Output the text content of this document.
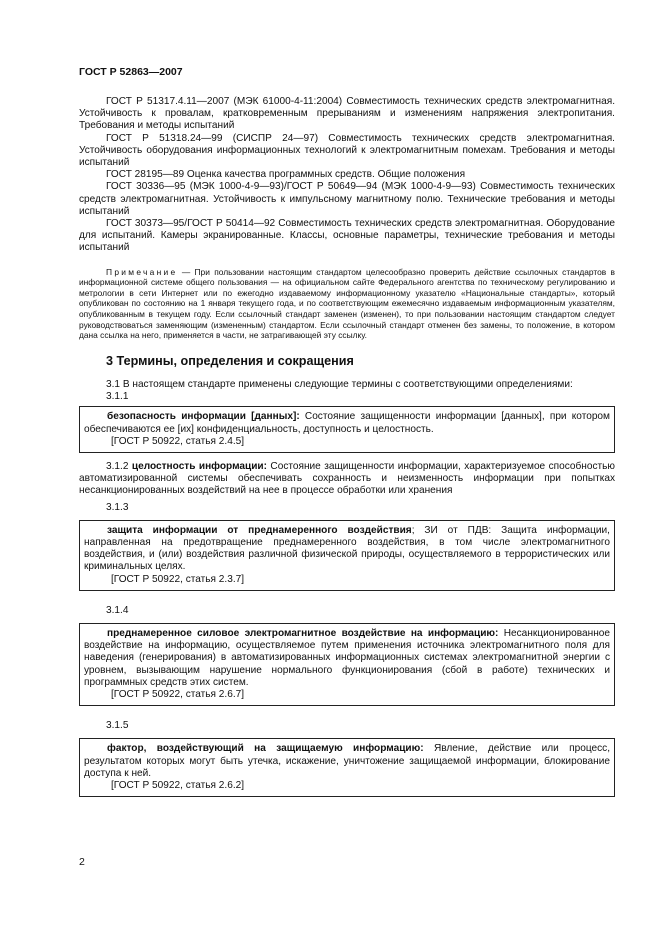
ГОСТ Р 52863—2007

ГОСТ Р 51317.4.11—2007 (МЭК 61000-4-11:2004) Совместимость технических средств электромагнитная. Устойчивость к провалам, кратковременным прерываниям и изменениям напряжения электропитания. Требования и методы испытаний

ГОСТ Р 51318.24—99 (СИСПР 24—97) Совместимость технических средств электромагнитная. Устойчивость оборудования информационных технологий к электромагнитным помехам. Требования и методы испытаний

ГОСТ 28195—89 Оценка качества программных средств. Общие положения

ГОСТ 30336—95 (МЭК 1000-4-9—93)/ГОСТ Р 50649—94 (МЭК 1000-4-9—93) Совместимость технических средств электромагнитная. Устойчивость к импульсному магнитному полю. Технические требования и методы испытаний

ГОСТ 30373—95/ГОСТ Р 50414—92 Совместимость технических средств электромагнитная. Оборудование для испытаний. Камеры экранированные. Классы, основные параметры, технические требования и методы испытаний

Примечание — При пользовании настоящим стандартом целесообразно проверить действие ссылочных стандартов в информационной системе общего пользования — на официальном сайте Федерального агентства по техническому регулированию и метрологии в сети Интернет или по ежегодно издаваемому информационному указателю «Национальные стандарты», который опубликован по состоянию на 1 января текущего года, и по соответствующим ежемесячно издаваемым информационным указателям, опубликованным в текущем году. Если ссылочный стандарт заменен (изменен), то при пользовании настоящим стандартом следует руководствоваться заменяющим (измененным) стандартом. Если ссылочный стандарт отменен без замены, то положение, в котором дана ссылка на него, применяется в части, не затрагивающей эту ссылку.

3 Термины, определения и сокращения

3.1 В настоящем стандарте применены следующие термины с соответствующими определениями:

3.1.1

безопасность информации [данных]: Состояние защищенности информации [данных], при котором обеспечиваются ее [их] конфиденциальность, доступность и целостность.

[ГОСТ Р 50922, статья 2.4.5]

3.1.2 целостность информации: Состояние защищенности информации, характеризуемое способностью автоматизированной системы обеспечивать сохранность и неизменность информации при попытках несанкционированных воздействий на нее в процессе обработки или хранения

3.1.3

защита информации от преднамеренного воздействия; ЗИ от ПДВ: Защита информации, направленная на предотвращение преднамеренного воздействия, в том числе электромагнитного воздействия, и (или) воздействия различной физической природы, осуществляемого в террористических или криминальных целях.

[ГОСТ Р 50922, статья 2.3.7]
3.1.4

преднамеренное силовое электромагнитное воздействие на информацию: Несанкционированное воздействие на информацию, осуществляемое путем применения источника электромагнитного поля для наведения (генерирования) в автоматизированных информационных системах электромагнитной энергии с уровнем, вызывающим нарушение нормального функционирования (сбой в работе) технических и программных средств этих систем.

[ГОСТ Р 50922, статья 2.6.7]
3.1.5

фактор, воздействующий на защищаемую информацию: Явление, действие или процесс, результатом которых могут быть утечка, искажение, уничтожение защищаемой информации, блокирование доступа к ней.

[ГОСТ Р 50922, статья 2.6.2]
2
